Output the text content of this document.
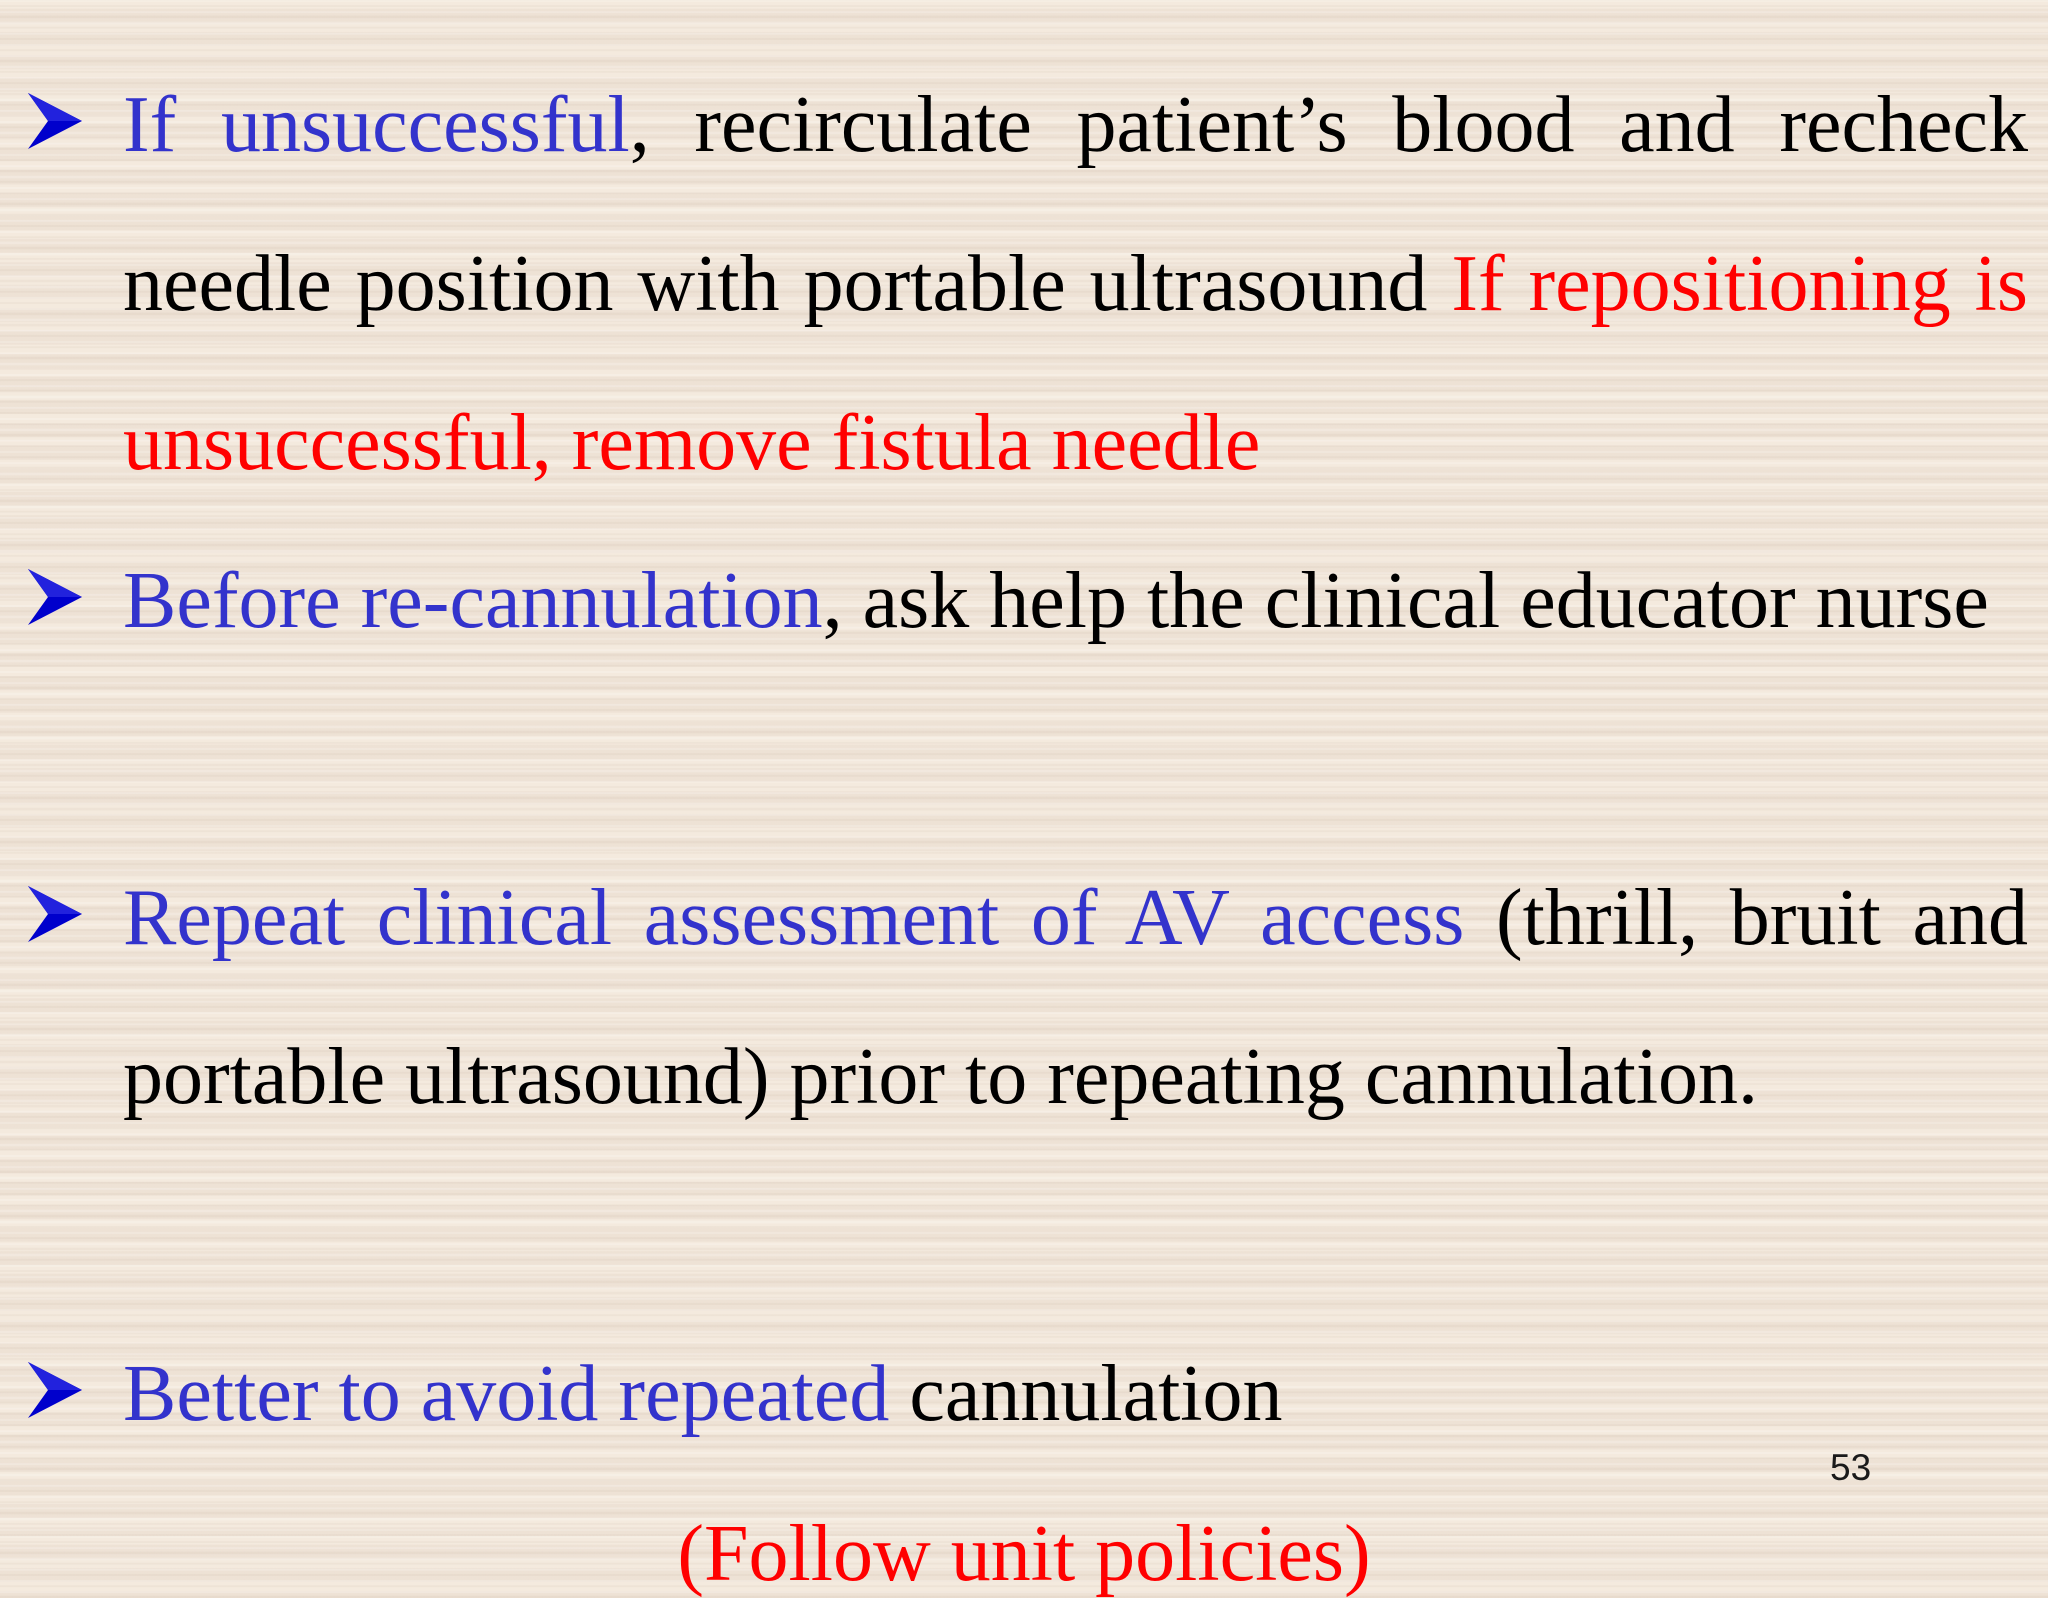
If unsuccessful, recirculate patient’s blood and recheck needle position with portable ultrasound If repositioning is unsuccessful, remove fistula needle

Before re-cannulation, ask help the clinical educator nurse

Repeat clinical assessment of AV access (thrill, bruit and portable ultrasound) prior to repeating cannulation.

Better to avoid repeated cannulation

53
(Follow unit policies)
